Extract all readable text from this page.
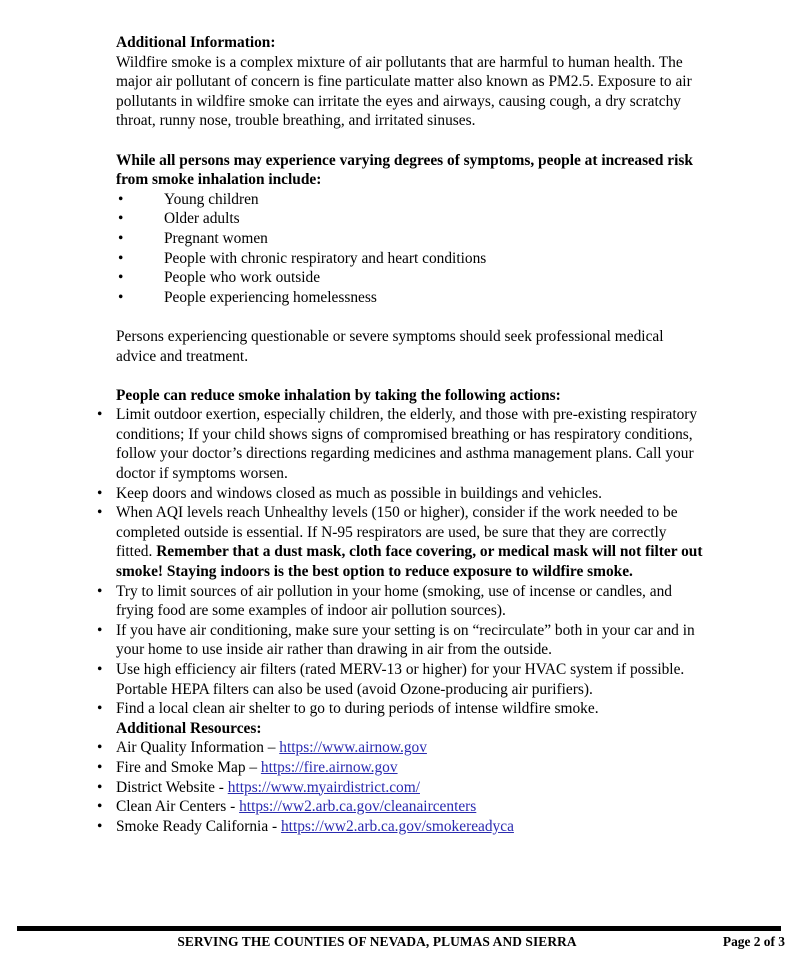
Additional Information:
Wildfire smoke is a complex mixture of air pollutants that are harmful to human health. The major air pollutant of concern is fine particulate matter also known as PM2.5. Exposure to air pollutants in wildfire smoke can irritate the eyes and airways, causing cough, a dry scratchy throat, runny nose, trouble breathing, and irritated sinuses.
While all persons may experience varying degrees of symptoms, people at increased risk from smoke inhalation include:
•	Young children
•	Older adults
•	Pregnant women
•	People with chronic respiratory and heart conditions
•	People who work outside
•	People experiencing homelessness
Persons experiencing questionable or severe symptoms should seek professional medical advice and treatment.
People can reduce smoke inhalation by taking the following actions:
• Limit outdoor exertion, especially children, the elderly, and those with pre-existing respiratory conditions; If your child shows signs of compromised breathing or has respiratory conditions, follow your doctor’s directions regarding medicines and asthma management plans. Call your doctor if symptoms worsen.
• Keep doors and windows closed as much as possible in buildings and vehicles.
• When AQI levels reach Unhealthy levels (150 or higher), consider if the work needed to be completed outside is essential. If N-95 respirators are used, be sure that they are correctly fitted. Remember that a dust mask, cloth face covering, or medical mask will not filter out smoke! Staying indoors is the best option to reduce exposure to wildfire smoke.
• Try to limit sources of air pollution in your home (smoking, use of incense or candles, and frying food are some examples of indoor air pollution sources).
• If you have air conditioning, make sure your setting is on “recirculate” both in your car and in your home to use inside air rather than drawing in air from the outside.
• Use high efficiency air filters (rated MERV-13 or higher) for your HVAC system if possible. Portable HEPA filters can also be used (avoid Ozone-producing air purifiers).
• Find a local clean air shelter to go to during periods of intense wildfire smoke.
Additional Resources:
• Air Quality Information – https://www.airnow.gov
• Fire and Smoke Map – https://fire.airnow.gov
• District Website - https://www.myairdistrict.com/
• Clean Air Centers - https://ww2.arb.ca.gov/cleanaircenters
• Smoke Ready California - https://ww2.arb.ca.gov/smokereadyca
SERVING THE COUNTIES OF NEVADA, PLUMAS AND SIERRA	Page 2 of 3
